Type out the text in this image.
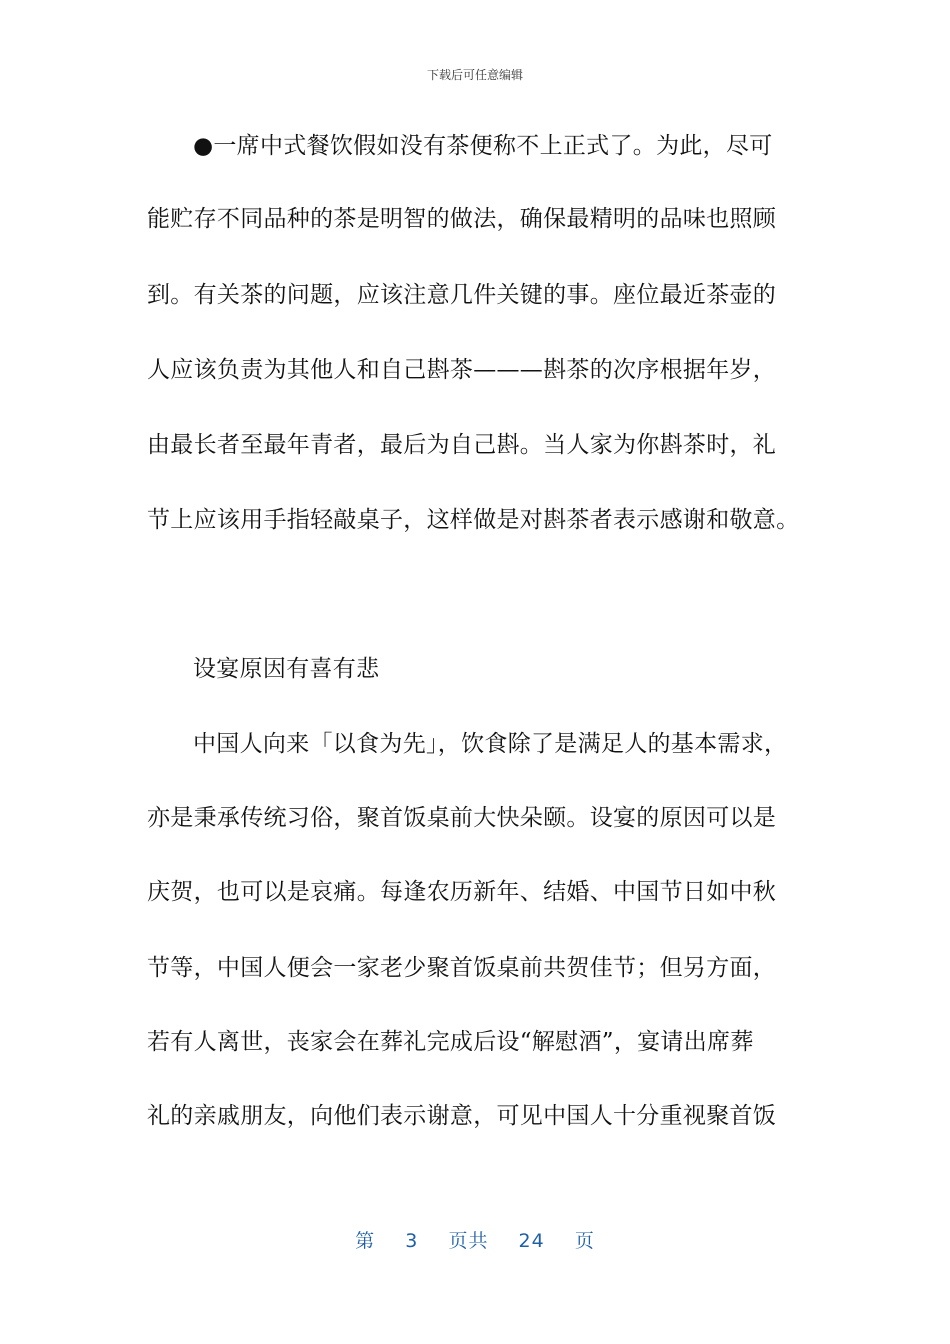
下载后可任意编辑
●一席中式餐饮假如没有茶便称不上正式了。为此，尽可
能贮存不同品种的茶是明智的做法，确保最精明的品味也照顾
到。有关茶的问题，应该注意几件关键的事。座位最近茶壶的
人应该负责为其他人和自己斟茶———斟茶的次序根据年岁，
由最长者至最年青者，最后为自己斟。当人家为你斟茶时，礼
节上应该用手指轻敲桌子，这样做是对斟茶者表示感谢和敬意。
设宴原因有喜有悲
中国人向来「以食为先」，饮食除了是满足人的基本需求，
亦是秉承传统习俗，聚首饭桌前大快朵颐。设宴的原因可以是
庆贺，也可以是哀痛。每逢农历新年、结婚、中国节日如中秋
节等，中国人便会一家老少聚首饭桌前共贺佳节；但另方面，
若有人离世，丧家会在葬礼完成后设“解慰酒”，宴请出席葬
礼的亲戚朋友，向他们表示谢意，可见中国人十分重视聚首饭
第 3 页共 24 页
